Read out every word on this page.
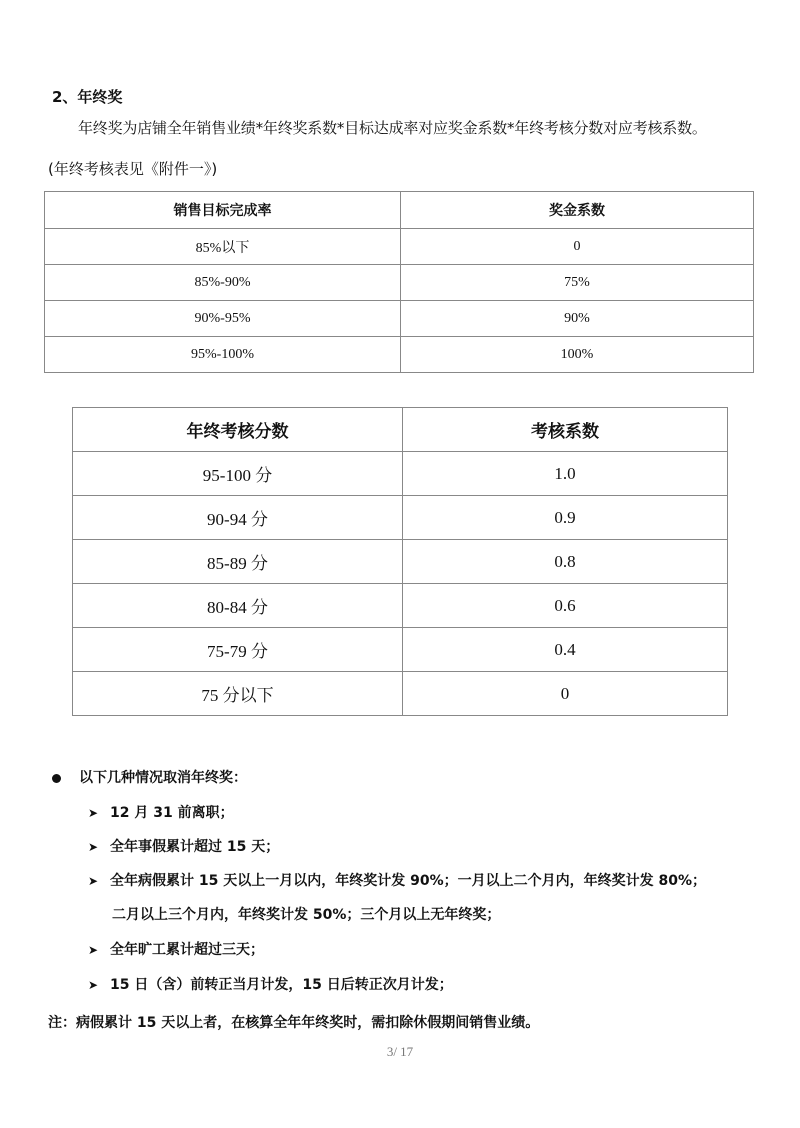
2、年终奖
年终奖为店铺全年销售业绩*年终奖系数*目标达成率对应奖金系数*年终考核分数对应考核系数。
(年终考核表见《附件一》)
销售目标完成率	奖金系数
85%以下	0
85%-90%	75%
90%-95%	90%
95%-100%	100%
年终考核分数	考核系数
95-100 分	1.0
90-94 分	0.9
85-89 分	0.8
80-84 分	0.6
75-79 分	0.4
75 分以下	0
以下几种情况取消年终奖：
➤ 12 月 31 前离职；
➤ 全年事假累计超过 15 天；
➤ 全年病假累计 15 天以上一月以内，年终奖计发 90%；一月以上二个月内，年终奖计发 80%；
二月以上三个月内，年终奖计发 50%；三个月以上无年终奖；
➤ 全年旷工累计超过三天；
➤ 15 日（含）前转正当月计发，15 日后转正次月计发；
注：病假累计 15 天以上者，在核算全年年终奖时，需扣除休假期间销售业绩。
3/ 17
